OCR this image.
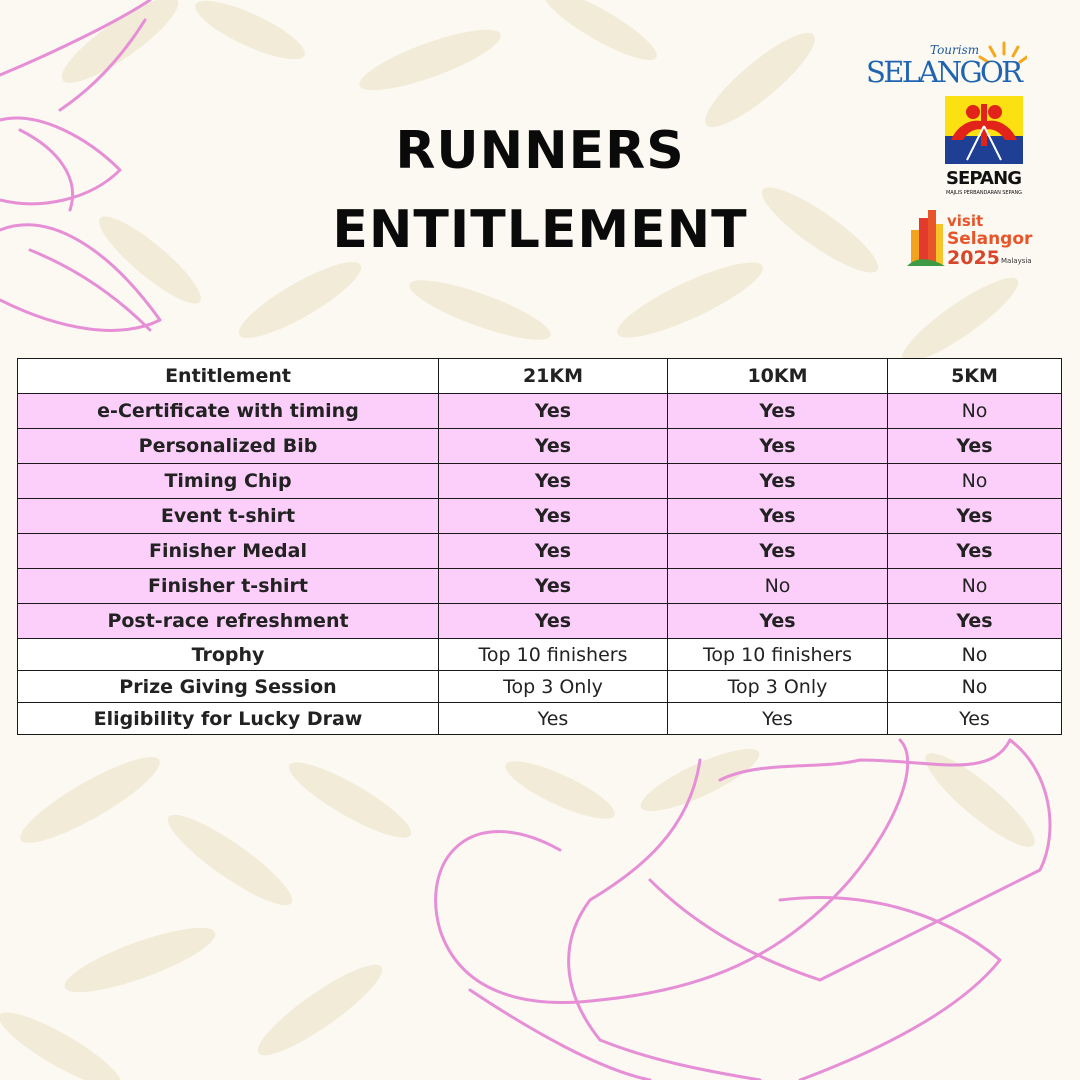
RUNNERS
ENTITLEMENT
Tourism
SELANGOR
SEPANG
MAJLIS PERBANDARAN SEPANG
visit
Selangor
2025 Malaysia
Entitlement	21KM	10KM	5KM
e-Certificate with timing	Yes	Yes	No
Personalized Bib	Yes	Yes	Yes
Timing Chip	Yes	Yes	No
Event t-shirt	Yes	Yes	Yes
Finisher Medal	Yes	Yes	Yes
Finisher t-shirt	Yes	No	No
Post-race refreshment	Yes	Yes	Yes
Trophy	Top 10 finishers	Top 10 finishers	No
Prize Giving Session	Top 3 Only	Top 3 Only	No
Eligibility for Lucky Draw	Yes	Yes	Yes
